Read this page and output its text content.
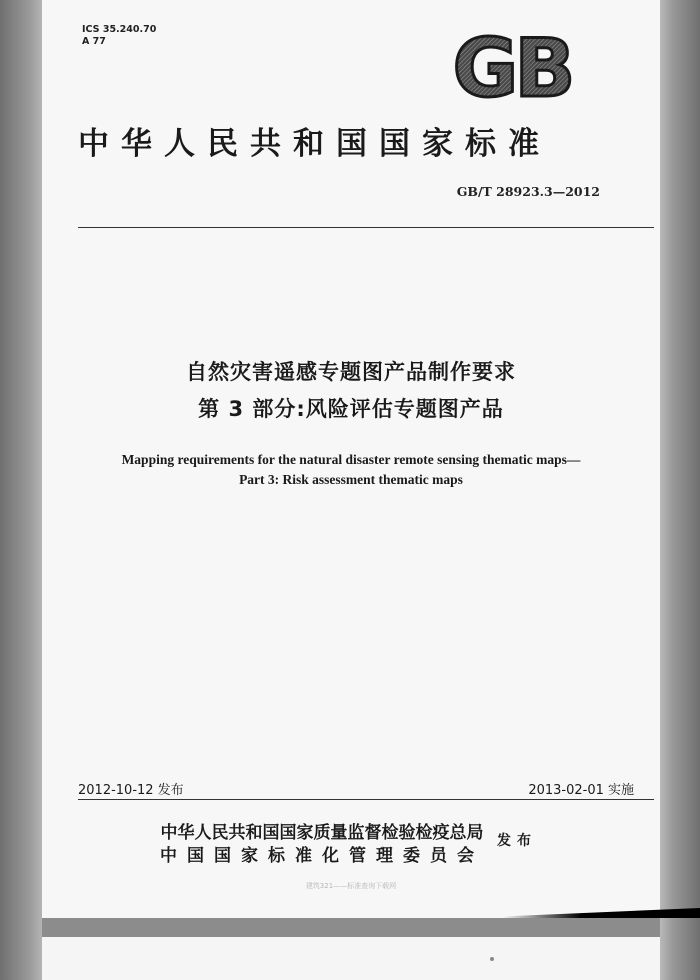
ICS 35.240.70
A 77	GB
中华人民共和国国家标准
GB/T 28923.3—2012
自然灾害遥感专题图产品制作要求
第 3 部分:风险评估专题图产品
Mapping requirements for the natural disaster remote sensing thematic maps—
Part 3: Risk assessment thematic maps
2012-10-12 发布	2013-02-01 实施
中华人民共和国国家质量监督检验检疫总局
中国国家标准化管理委员会
发布
建筑321——标准查询下载网
